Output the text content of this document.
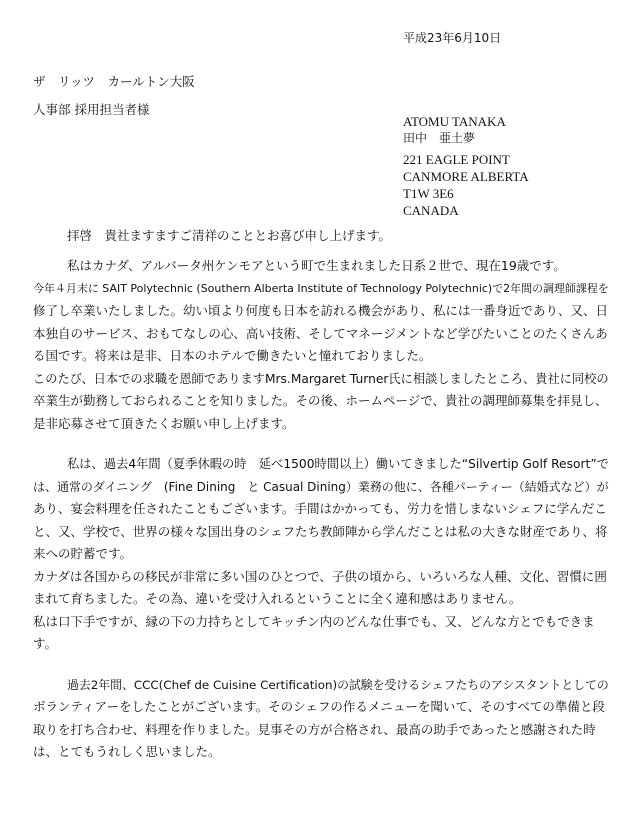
平成23年6月10日
ザ　リッツ　カールトン大阪
人事部 採用担当者様
ATOMU TANAKA
田中　亜土夢
221 EAGLE POINT
CANMORE ALBERTA
T1W 3E6
CANADA
拝啓　貴社ますますご清祥のこととお喜び申し上げます。

私はカナダ、アルバータ州ケンモアという町で生まれました日系２世で、現在19歳です。

今年４月末に SAIT Polytechnic (Southern Alberta Institute of Technology Polytechnic)で2年間の調理師課程を

修了し卒業いたしました。幼い頃より何度も日本を訪れる機会があり、私には一番身近であり、又、日

本独自のサービス、おもてなしの心、高い技術、そしてマネージメントなど学びたいことのたくさんあ

る国です。将来は是非、日本のホテルで働きたいと憧れておりました。

このたび、日本での求職を恩師でありますMrs.Margaret Turner氏に相談しましたところ、貴社に同校の

卒業生が勤務しておられることを知りました。その後、ホームページで、貴社の調理師募集を拝見し、

是非応募させて頂きたくお願い申し上げます。

私は、過去4年間（夏季休暇の時　延べ1500時間以上）働いてきました“Silvertip Golf Resort”で

は、通常のダイニング　(Fine Dining　と Casual Dining）業務の他に、各種パーティー（結婚式など）が

あり、宴会料理を任されたこともございます。手間はかかっても、労力を惜しまないシェフに学んだこ

と、又、学校で、世界の様々な国出身のシェフたち教師陣から学んだことは私の大きな財産であり、将

来への貯蓄です。

カナダは各国からの移民が非常に多い国のひとつで、子供の頃から、いろいろな人種、文化、習慣に囲

まれて育ちました。その為、違いを受け入れるということに全く違和感はありません。

私は口下手ですが、縁の下の力持ちとしてキッチン内のどんな仕事でも、又、どんな方とでもできま

す。

過去2年間、CCC(Chef de Cuisine Certification)の試験を受けるシェフたちのアシスタントとしての

ボランティアーをしたことがございます。そのシェフの作るメニューを聞いて、そのすべての準備と段

取りを打ち合わせ、料理を作りました。見事その方が合格され、最高の助手であったと感謝された時

は、とてもうれしく思いました。
